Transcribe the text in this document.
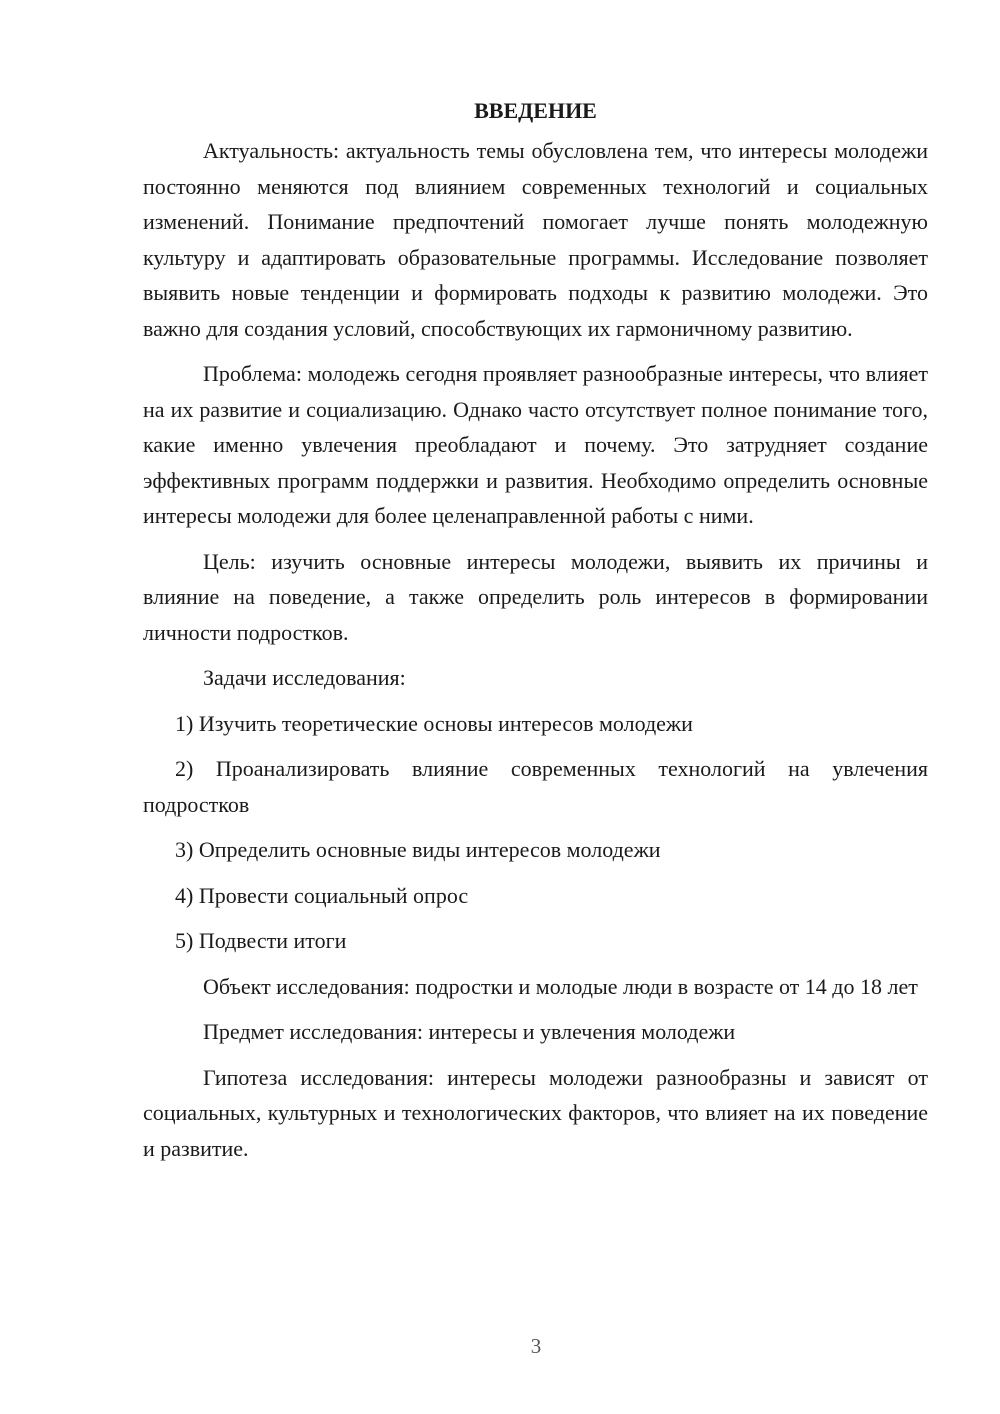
ВВЕДЕНИЕ

Актуальность: актуальность темы обусловлена тем, что интересы молодежи постоянно меняются под влиянием современных технологий и социальных изменений. Понимание предпочтений помогает лучше понять молодежную культуру и адаптировать образовательные программы. Исследование позволяет выявить новые тенденции и формировать подходы к развитию молодежи. Это важно для создания условий, способствующих их гармоничному развитию.

Проблема: молодежь сегодня проявляет разнообразные интересы, что влияет на их развитие и социализацию. Однако часто отсутствует полное понимание того, какие именно увлечения преобладают и почему. Это затрудняет создание эффективных программ поддержки и развития. Необходимо определить основные интересы молодежи для более целенаправленной работы с ними.

Цель: изучить основные интересы молодежи, выявить их причины и влияние на поведение, а также определить роль интересов в формировании личности подростков.

Задачи исследования:

1) Изучить теоретические основы интересов молодежи

2) Проанализировать влияние современных технологий на увлечения подростков

3) Определить основные виды интересов молодежи

4) Провести социальный опрос

5) Подвести итоги

Объект исследования: подростки и молодые люди в возрасте от 14 до 18 лет

Предмет исследования: интересы и увлечения молодежи

Гипотеза исследования: интересы молодежи разнообразны и зависят от социальных, культурных и технологических факторов, что влияет на их поведение и развитие.

3
